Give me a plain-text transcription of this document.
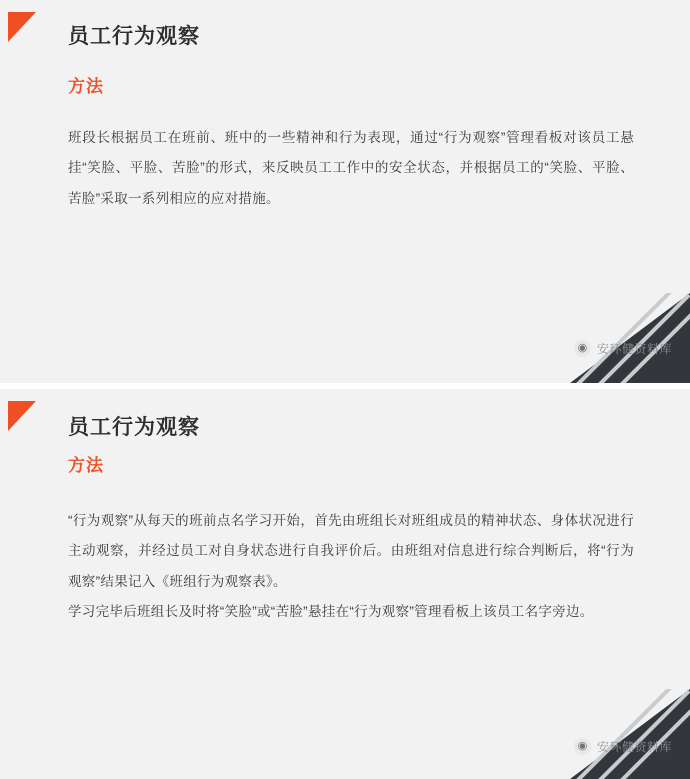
员工行为观察
方法

班段长根据员工在班前、班中的一些精神和行为表现，通过“行为观察”管理看板对该员工悬挂“笑脸、平脸、苦脸”的形式，来反映员工工作中的安全状态，并根据员工的“笑脸、平脸、苦脸”采取一系列相应的应对措施。

◉ 安环健资料库
员工行为观察
方法

“行为观察”从每天的班前点名学习开始，首先由班组长对班组成员的精神状态、身体状况进行主动观察，并经过员工对自身状态进行自我评价后。由班组对信息进行综合判断后，将“行为观察”结果记入《班组行为观察表》。

学习完毕后班组长及时将“笑脸”或“苦脸”悬挂在“行为观察”管理看板上该员工名字旁边。

◉ 安环健资料库
